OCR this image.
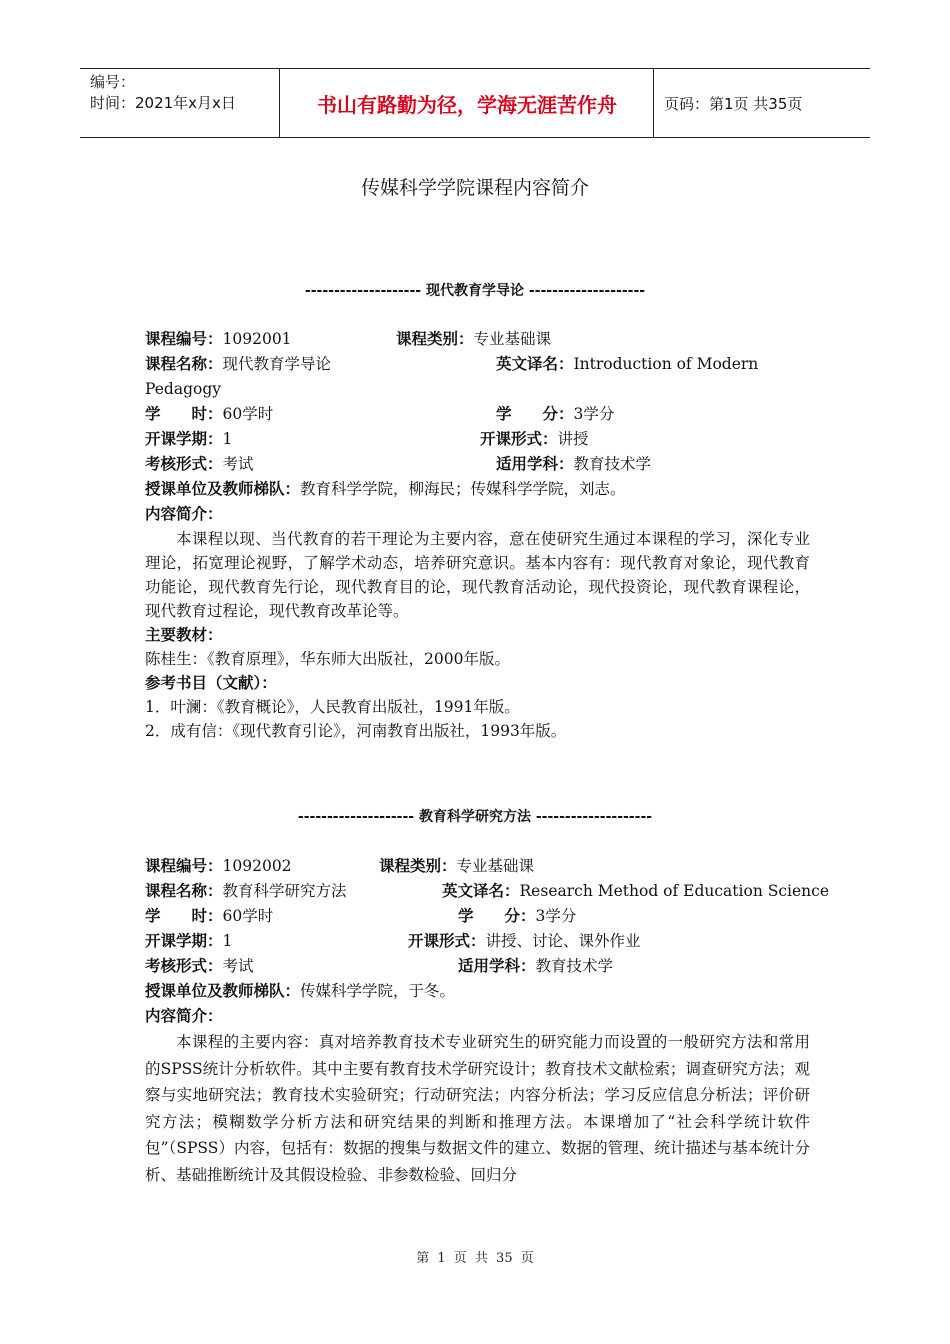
编号：
时间：2021年x月x日	书山有路勤为径，学海无涯苦作舟	页码：第1页 共35页
传媒科学学院课程内容简介
-------------------- 现代教育学导论 --------------------
课程编号：1092001	课程类别：专业基础课
课程名称：现代教育学导论	英文译名：Introduction of Modern
Pedagogy
学　　时：60学时	学　　分：3学分
开课学期：1	开课形式：讲授
考核形式：考试	适用学科：教育技术学
授课单位及教师梯队：教育科学学院，柳海民；传媒科学学院，刘志。
内容简介：

本课程以现、当代教育的若干理论为主要内容，意在使研究生通过本课程的学习，深化专业理论，拓宽理论视野，了解学术动态，培养研究意识。基本内容有：现代教育对象论，现代教育功能论，现代教育先行论，现代教育目的论，现代教育活动论，现代投资论，现代教育课程论，现代教育过程论，现代教育改革论等。

主要教材：
陈桂生：《教育原理》，华东师大出版社，2000年版。
参考书目（文献）：
1．叶澜：《教育概论》，人民教育出版社，1991年版。
2．成有信：《现代教育引论》，河南教育出版社，1993年版。
-------------------- 教育科学研究方法 --------------------
课程编号：1092002	课程类别：专业基础课
课程名称：教育科学研究方法	英文译名：Research Method of Education Science
学　　时：60学时	学　　分：3学分
开课学期：1	开课形式：讲授、讨论、课外作业
考核形式：考试	适用学科：教育技术学
授课单位及教师梯队：传媒科学学院，于冬。
内容简介：

本课程的主要内容：真对培养教育技术专业研究生的研究能力而设置的一般研究方法和常用的SPSS统计分析软件。其中主要有教育技术学研究设计；教育技术文献检索；调查研究方法；观察与实地研究法；教育技术实验研究；行动研究法；内容分析法；学习反应信息分析法；评价研究方法；模糊数学分析方法和研究结果的判断和推理方法。本课增加了“社会科学统计软件包”（SPSS）内容，包括有：数据的搜集与数据文件的建立、数据的管理、统计描述与基本统计分析、基础推断统计及其假设检验、非参数检验、回归分

第 1 页 共 35 页
